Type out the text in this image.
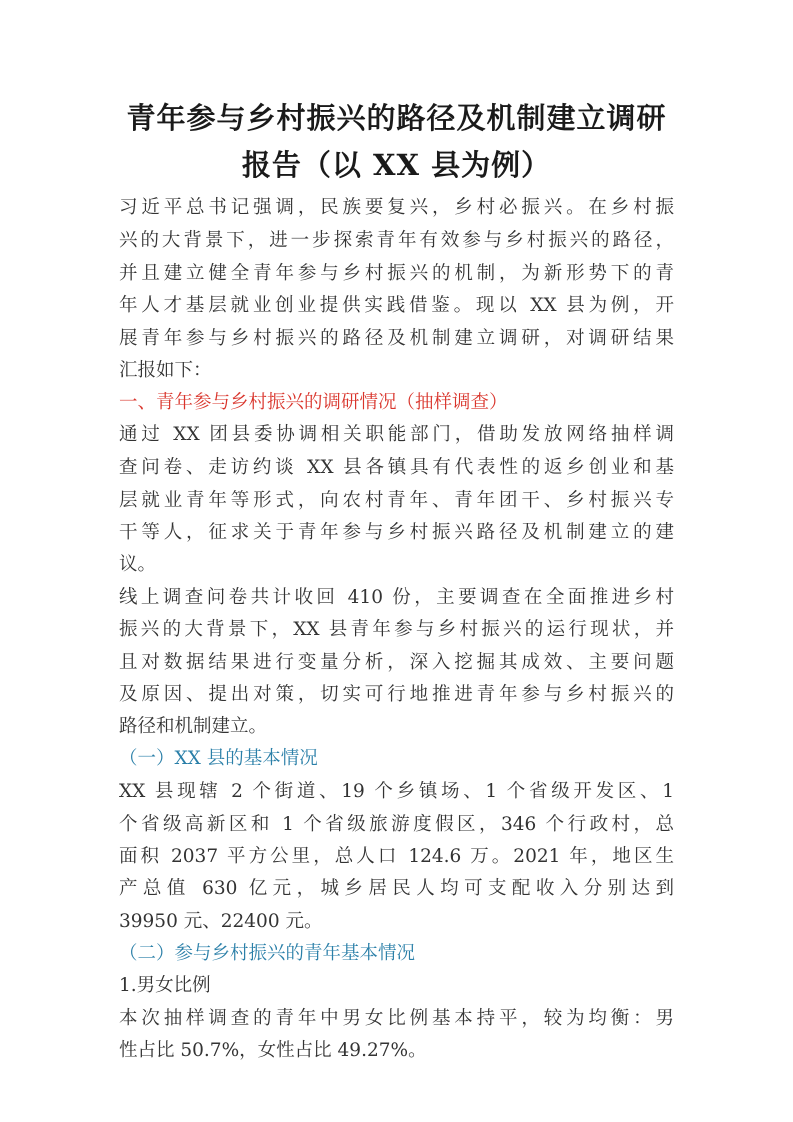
青年参与乡村振兴的路径及机制建立调研
报告（以 XX 县为例）
习近平总书记强调，民族要复兴，乡村必振兴。在乡村振
兴的大背景下，进一步探索青年有效参与乡村振兴的路径，
并且建立健全青年参与乡村振兴的机制，为新形势下的青
年人才基层就业创业提供实践借鉴。现以 XX 县为例，开
展青年参与乡村振兴的路径及机制建立调研，对调研结果
汇报如下：
一、青年参与乡村振兴的调研情况（抽样调查）
通过 XX 团县委协调相关职能部门，借助发放网络抽样调
查问卷、走访约谈 XX 县各镇具有代表性的返乡创业和基
层就业青年等形式，向农村青年、青年团干、乡村振兴专
干等人，征求关于青年参与乡村振兴路径及机制建立的建
议。
线上调查问卷共计收回 410 份，主要调查在全面推进乡村
振兴的大背景下，XX 县青年参与乡村振兴的运行现状，并
且对数据结果进行变量分析，深入挖掘其成效、主要问题
及原因、提出对策，切实可行地推进青年参与乡村振兴的
路径和机制建立。
（一）XX 县的基本情况
XX 县现辖 2 个街道、19 个乡镇场、1 个省级开发区、1
个省级高新区和 1 个省级旅游度假区，346 个行政村，总
面积 2037 平方公里，总人口 124.6 万。2021 年，地区生
产总值 630 亿元，城乡居民人均可支配收入分别达到
39950 元、22400 元。
（二）参与乡村振兴的青年基本情况
1.男女比例
本次抽样调查的青年中男女比例基本持平，较为均衡：男
性占比 50.7%，女性占比 49.27%。
